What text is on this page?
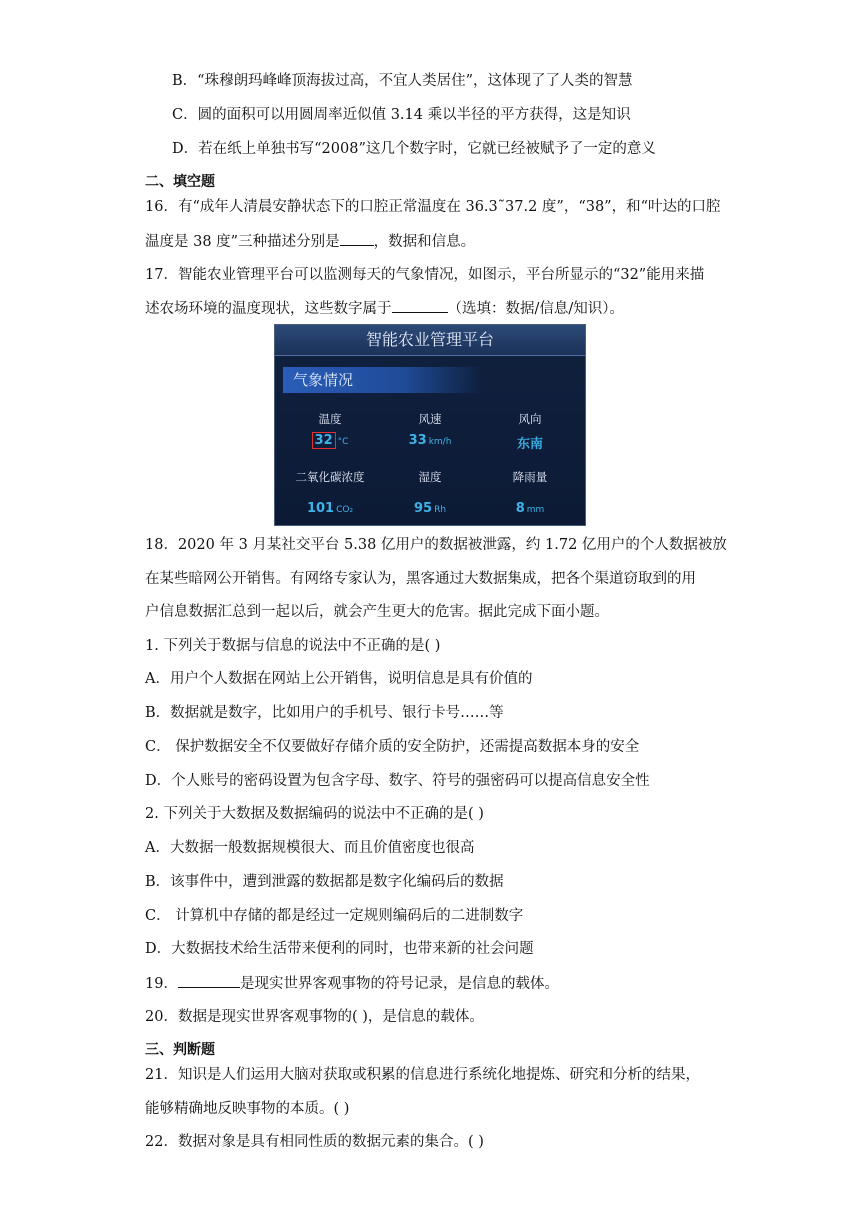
B．“珠穆朗玛峰峰顶海拔过高，不宜人类居住”，这体现了了人类的智慧
C．圆的面积可以用圆周率近似值 3.14 乘以半径的平方获得，这是知识
D．若在纸上单独书写“2008”这几个数字时，它就已经被赋予了一定的意义
二、填空题
16．有“成年人清晨安静状态下的口腔正常温度在 36.3˜37.2 度”，“38”，和“叶达的口腔
温度是 38 度”三种描述分别是 ，数据和信息。
17．智能农业管理平台可以监测每天的气象情况，如图示，平台所显示的“32”能用来描
述农场环境的温度现状，这些数字属于	（选填：数据/信息/知识）。
智能农业管理平台
气象情况
温度	风速	风向
32 °C	33 km/h	东南
二氧化碳浓度	湿度	降雨量
101 CO₂	95 Rh	8 mm
18．2020 年 3 月某社交平台 5.38 亿用户的数据被泄露，约 1.72 亿用户的个人数据被放
在某些暗网公开销售。有网络专家认为，黑客通过大数据集成，把各个渠道窃取到的用
户信息数据汇总到一起以后，就会产生更大的危害。据此完成下面小题。
1. 下列关于数据与信息的说法中不正确的是( )
A．用户个人数据在网站上公开销售，说明信息是具有价值的
B．数据就是数字，比如用户的手机号、银行卡号……等
C． 保护数据安全不仅要做好存储介质的安全防护，还需提高数据本身的安全
D．个人账号的密码设置为包含字母、数字、符号的强密码可以提高信息安全性
2. 下列关于大数据及数据编码的说法中不正确的是( )
A．大数据一般数据规模很大、而且价值密度也很高
B．该事件中，遭到泄露的数据都是数字化编码后的数据
C． 计算机中存储的都是经过一定规则编码后的二进制数字
D．大数据技术给生活带来便利的同时，也带来新的社会问题
19．	是现实世界客观事物的符号记录，是信息的载体。
20．数据是现实世界客观事物的( )，是信息的载体。
三、判断题
21．知识是人们运用大脑对获取或积累的信息进行系统化地提炼、研究和分析的结果，
能够精确地反映事物的本质。( )
22．数据对象是具有相同性质的数据元素的集合。( )
